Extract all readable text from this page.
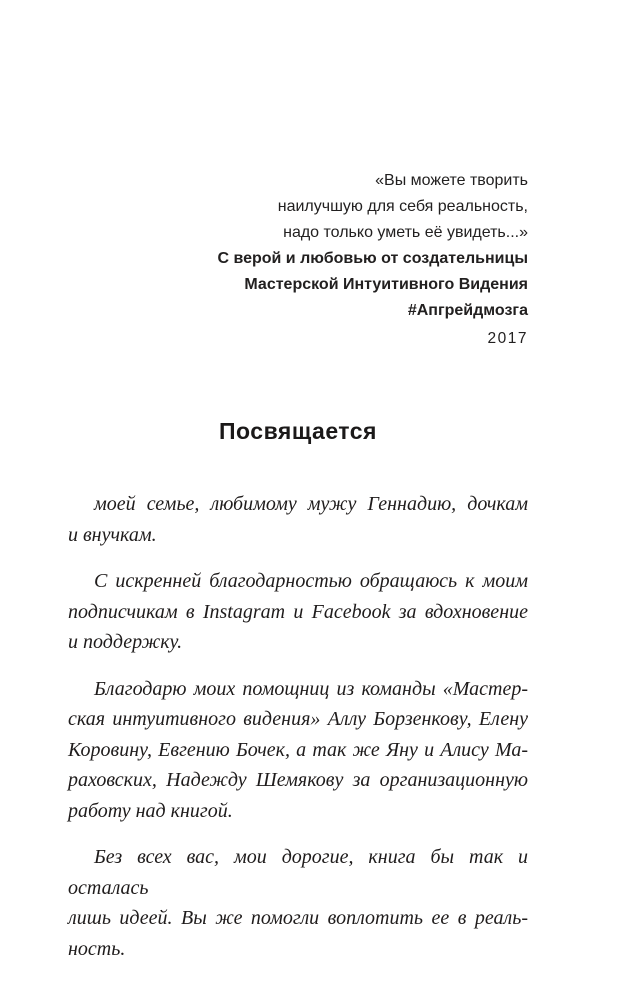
«Вы можете творить
наилучшую для себя реальность,
надо только уметь её увидеть...»
С верой и любовью от создательницы
Мастерской Интуитивного Видения
#Апгрейдмозга
2017
Посвящается
моей семье, любимому мужу Геннадию, дочкам
и внучкам.
С искренней благодарностью обращаюсь к моим
подписчикам в Instagram и Facebook за вдохновение
и поддержку.
Благодарю моих помощниц из команды «Мастер-
ская интуитивного видения» Аллу Борзенкову, Елену
Коровину, Евгению Бочек, а так же Яну и Алису Ма-
раховских, Надежду Шемякову за организационную
работу над книгой.
Без всех вас, мои дорогие, книга бы так и осталась
лишь идеей. Вы же помогли воплотить ее в реаль-
ность.
